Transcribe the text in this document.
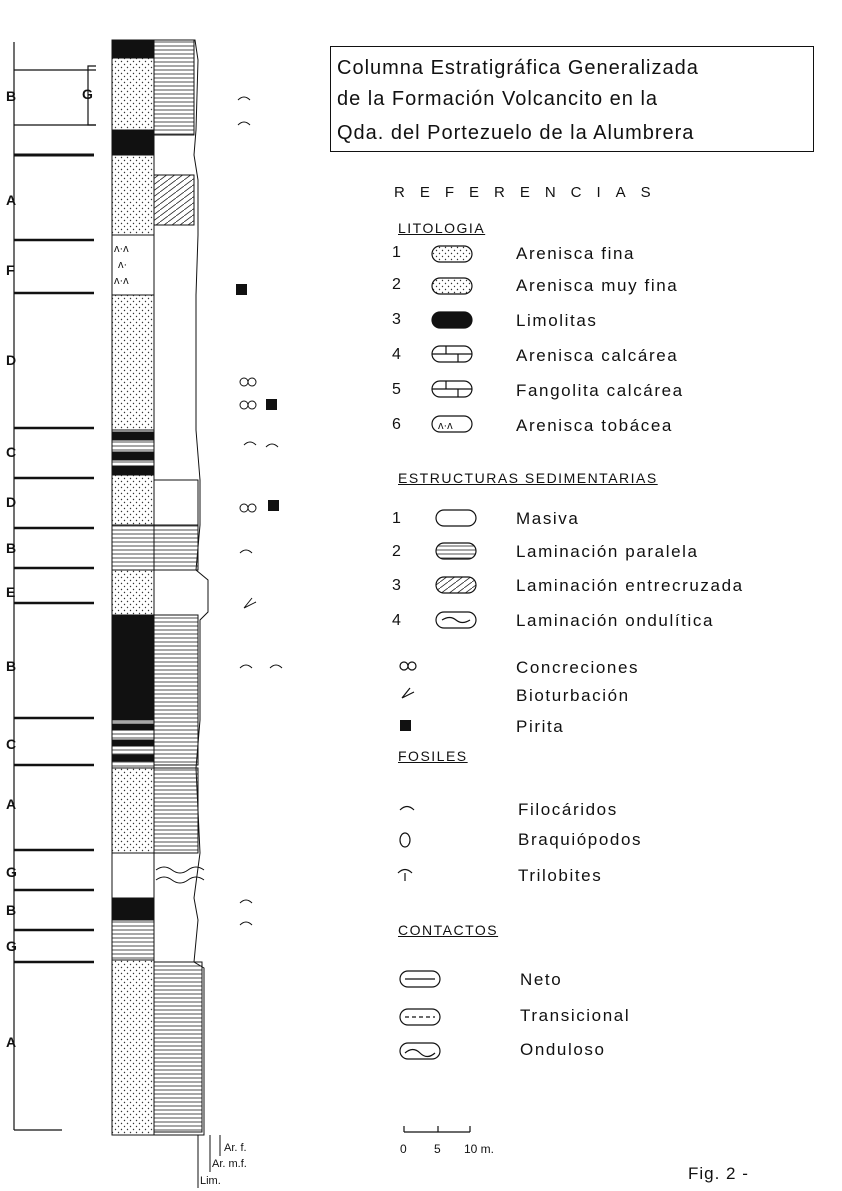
ʌ·ʌ
ʌ·
ʌ·ʌ
ʌ·ʌ
Columna Estratigráfica Generalizada
de la Formación Volcancito en la
Qda. del Portezuelo de la Alumbrera
REFERENCIAS
LITOLOGIA
1	Arenisca fina
2	Arenisca muy fina
3	Limolitas
4	Arenisca calcárea
5	Fangolita calcárea
6	Arenisca tobácea
ESTRUCTURAS SEDIMENTARIAS
1	Masiva
2	Laminación paralela
3	Laminación entrecruzada
4	Laminación ondulítica
Concreciones
Bioturbación
Pirita
FOSILES
Filocáridos
Braquiópodos
Trilobites
CONTACTOS
Neto
Transicional
Onduloso
0 5 10 m.
Ar. f.
Ar. m.f.
Lim.
B	G
A
F
D
C
D
B
E
B
C
A
G
B
G
A
Fig. 2 -
